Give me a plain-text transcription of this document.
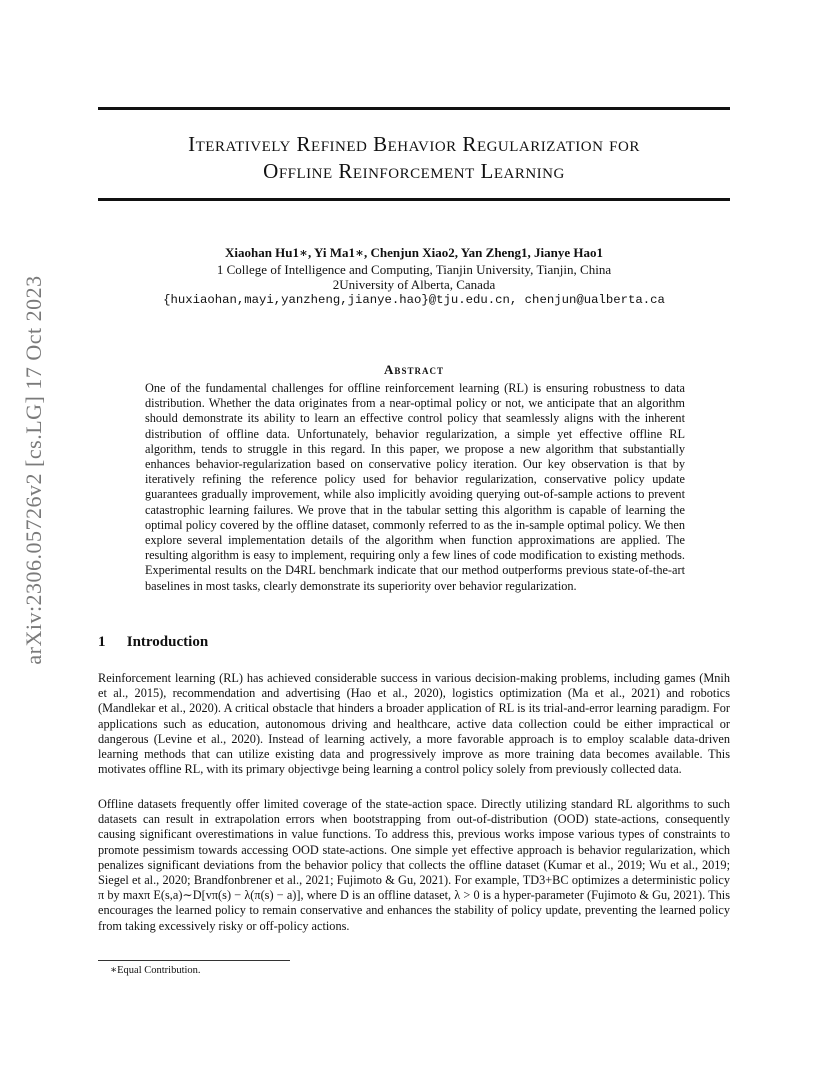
arXiv:2306.05726v2 [cs.LG] 17 Oct 2023
Iteratively Refined Behavior Regularization for
Offline Reinforcement Learning
Xiaohan Hu1∗, Yi Ma1∗, Chenjun Xiao2, Yan Zheng1, Jianye Hao1
1 College of Intelligence and Computing, Tianjin University, Tianjin, China
2University of Alberta, Canada
{huxiaohan,mayi,yanzheng,jianye.hao}@tju.edu.cn, chenjun@ualberta.ca
Abstract
One of the fundamental challenges for offline reinforcement learning (RL) is ensuring robustness to data distribution. Whether the data originates from a near-optimal policy or not, we anticipate that an algorithm should demonstrate its ability to learn an effective control policy that seamlessly aligns with the inherent distribution of offline data. Unfortunately, behavior regularization, a simple yet effective offline RL algorithm, tends to struggle in this regard. In this paper, we propose a new algorithm that substantially enhances behavior-regularization based on conservative policy iteration. Our key observation is that by iteratively refining the reference policy used for behavior regularization, conservative policy update guarantees gradually improvement, while also implicitly avoiding querying out-of-sample actions to prevent catastrophic learning failures. We prove that in the tabular setting this algorithm is capable of learning the optimal policy covered by the offline dataset, commonly referred to as the in-sample optimal policy. We then explore several implementation details of the algorithm when function approximations are applied. The resulting algorithm is easy to implement, requiring only a few lines of code modification to existing methods. Experimental results on the D4RL benchmark indicate that our method outperforms previous state-of-the-art baselines in most tasks, clearly demonstrate its superiority over behavior regularization.
1 Introduction
Reinforcement learning (RL) has achieved considerable success in various decision-making problems, including games (Mnih et al., 2015), recommendation and advertising (Hao et al., 2020), logistics optimization (Ma et al., 2021) and robotics (Mandlekar et al., 2020). A critical obstacle that hinders a broader application of RL is its trial-and-error learning paradigm. For applications such as education, autonomous driving and healthcare, active data collection could be either impractical or dangerous (Levine et al., 2020). Instead of learning actively, a more favorable approach is to employ scalable data-driven learning methods that can utilize existing data and progressively improve as more training data becomes available. This motivates offline RL, with its primary objectivge being learning a control policy solely from previously collected data.
Offline datasets frequently offer limited coverage of the state-action space. Directly utilizing standard RL algorithms to such datasets can result in extrapolation errors when bootstrapping from out-of-distribution (OOD) state-actions, consequently causing significant overestimations in value functions. To address this, previous works impose various types of constraints to promote pessimism towards accessing OOD state-actions. One simple yet effective approach is behavior regularization, which penalizes significant deviations from the behavior policy that collects the offline dataset (Kumar et al., 2019; Wu et al., 2019; Siegel et al., 2020; Brandfonbrener et al., 2021; Fujimoto & Gu, 2021). For example, TD3+BC optimizes a deterministic policy π by maxπ E(s,a)∼D[vπ(s) − λ(π(s) − a)], where D is an offline dataset, λ > 0 is a hyper-parameter (Fujimoto & Gu, 2021). This encourages the learned policy to remain conservative and enhances the stability of policy update, preventing the learned policy from taking excessively risky or off-policy actions.
∗Equal Contribution.
